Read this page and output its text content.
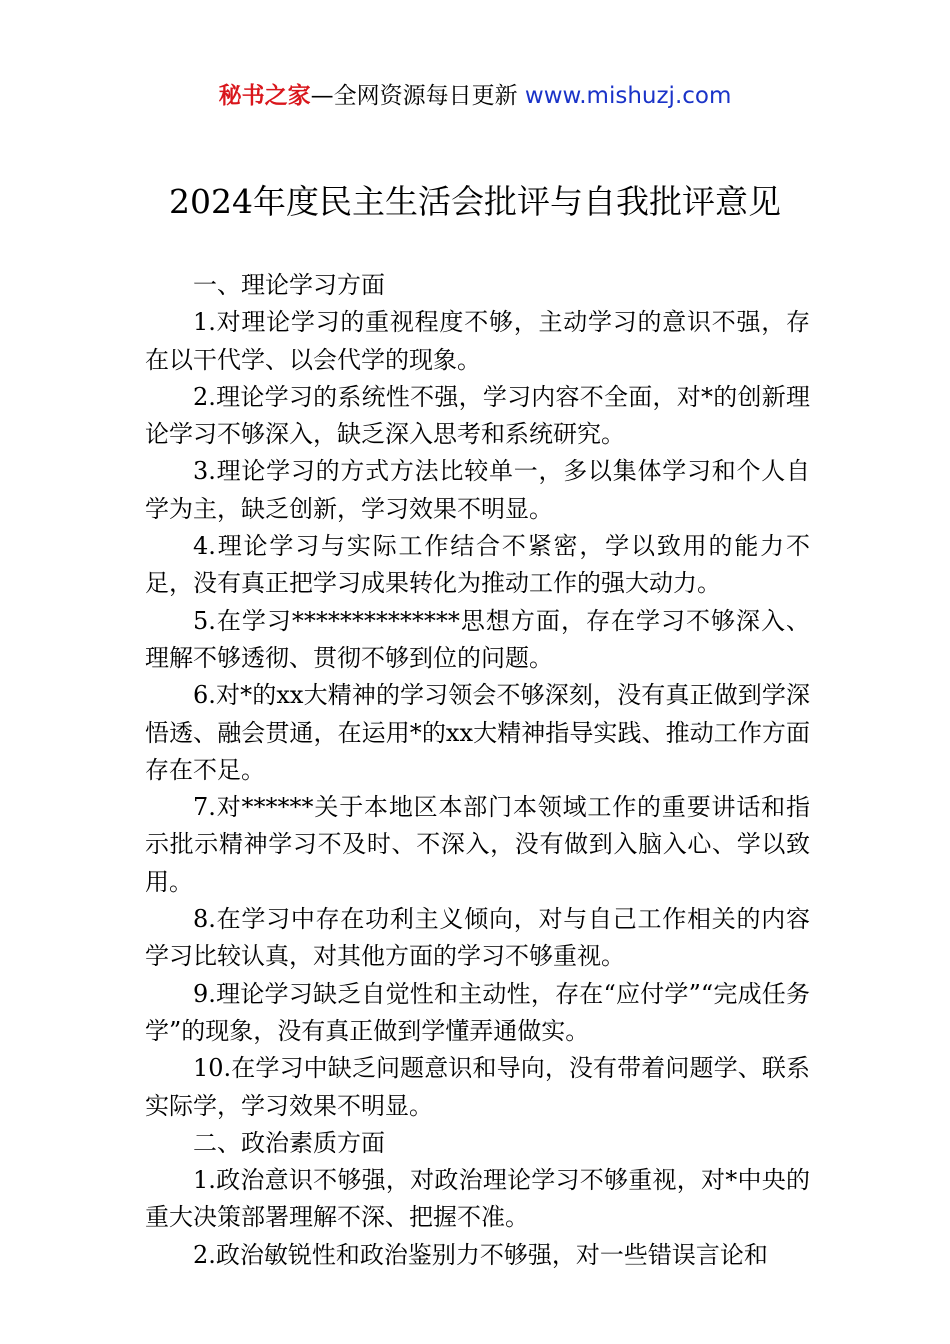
秘书之家—全网资源每日更新 www.mishuzj.com
2024年度民主生活会批评与自我批评意见

一、理论学习方面

1.对理论学习的重视程度不够，主动学习的意识不强，存在以干代学、以会代学的现象。

2.理论学习的系统性不强，学习内容不全面，对*的创新理论学习不够深入，缺乏深入思考和系统研究。

3.理论学习的方式方法比较单一，多以集体学习和个人自学为主，缺乏创新，学习效果不明显。

4.理论学习与实际工作结合不紧密，学以致用的能力不足，没有真正把学习成果转化为推动工作的强大动力。

5.在学习**************思想方面，存在学习不够深入、理解不够透彻、贯彻不够到位的问题。

6.对*的xx大精神的学习领会不够深刻，没有真正做到学深悟透、融会贯通，在运用*的xx大精神指导实践、推动工作方面存在不足。

7.对******关于本地区本部门本领域工作的重要讲话和指示批示精神学习不及时、不深入，没有做到入脑入心、学以致用。

8.在学习中存在功利主义倾向，对与自己工作相关的内容学习比较认真，对其他方面的学习不够重视。

9.理论学习缺乏自觉性和主动性，存在“应付学”“完成任务学”的现象，没有真正做到学懂弄通做实。

10.在学习中缺乏问题意识和导向，没有带着问题学、联系实际学，学习效果不明显。

二、政治素质方面

1.政治意识不够强，对政治理论学习不够重视，对*中央的重大决策部署理解不深、把握不准。

2.政治敏锐性和政治鉴别力不够强，对一些错误言论和
